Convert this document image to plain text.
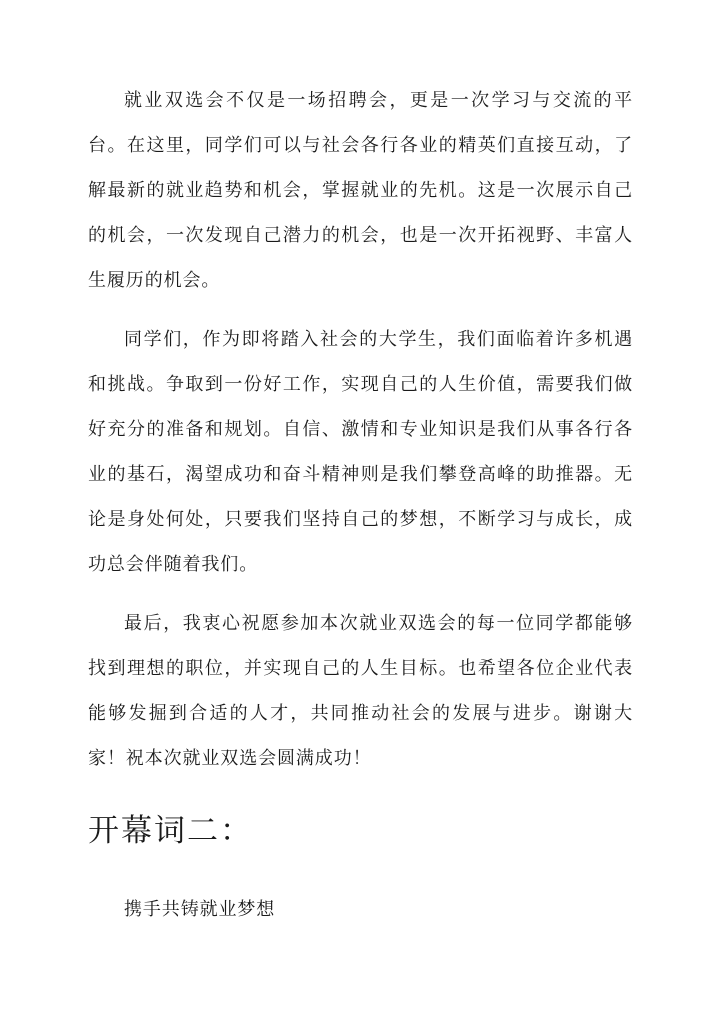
就业双选会不仅是一场招聘会，更是一次学习与交流的平台。在这里，同学们可以与社会各行各业的精英们直接互动，了解最新的就业趋势和机会，掌握就业的先机。这是一次展示自己的机会，一次发现自己潜力的机会，也是一次开拓视野、丰富人生履历的机会。

同学们，作为即将踏入社会的大学生，我们面临着许多机遇和挑战。争取到一份好工作，实现自己的人生价值，需要我们做好充分的准备和规划。自信、激情和专业知识是我们从事各行各业的基石，渴望成功和奋斗精神则是我们攀登高峰的助推器。无论是身处何处，只要我们坚持自己的梦想，不断学习与成长，成功总会伴随着我们。

最后，我衷心祝愿参加本次就业双选会的每一位同学都能够找到理想的职位，并实现自己的人生目标。也希望各位企业代表能够发掘到合适的人才，共同推动社会的发展与进步。谢谢大家！祝本次就业双选会圆满成功！

开幕词二：
携手共铸就业梦想
